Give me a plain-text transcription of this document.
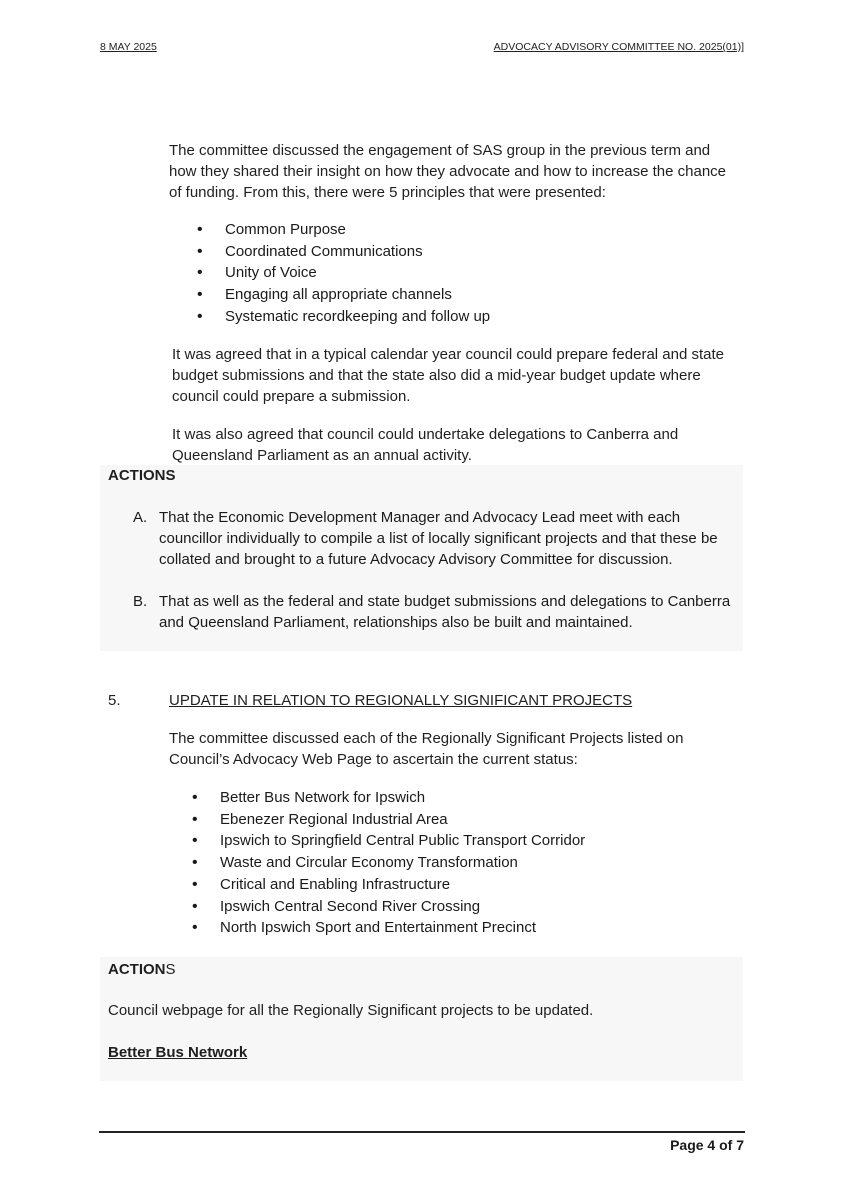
8 MAY 2025	ADVOCACY ADVISORY COMMITTEE NO. 2025(01)]

The committee discussed the engagement of SAS group in the previous term and how they shared their insight on how they advocate and how to increase the chance of funding. From this, there were 5 principles that were presented:

• Common Purpose
• Coordinated Communications
• Unity of Voice
• Engaging all appropriate channels
• Systematic recordkeeping and follow up

It was agreed that in a typical calendar year council could prepare federal and state budget submissions and that the state also did a mid-year budget update where council could prepare a submission.

It was also agreed that council could undertake delegations to Canberra and Queensland Parliament as an annual activity.

ACTIONS
A. That the Economic Development Manager and Advocacy Lead meet with each councillor individually to compile a list of locally significant projects and that these be collated and brought to a future Advocacy Advisory Committee for discussion.
B. That as well as the federal and state budget submissions and delegations to Canberra and Queensland Parliament, relationships also be built and maintained.
5.	UPDATE IN RELATION TO REGIONALLY SIGNIFICANT PROJECTS

The committee discussed each of the Regionally Significant Projects listed on Council’s Advocacy Web Page to ascertain the current status:

• Better Bus Network for Ipswich
• Ebenezer Regional Industrial Area
• Ipswich to Springfield Central Public Transport Corridor
• Waste and Circular Economy Transformation
• Critical and Enabling Infrastructure
• Ipswich Central Second River Crossing
• North Ipswich Sport and Entertainment Precinct
ACTIONS

Council webpage for all the Regionally Significant projects to be updated.

Better Bus Network
Page 4 of 7
